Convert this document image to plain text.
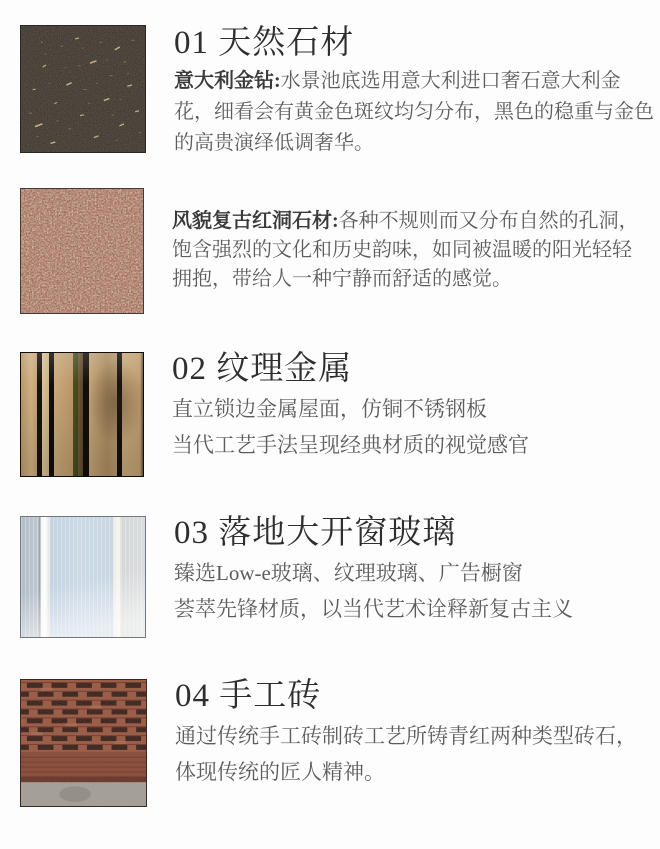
01 天然石材

意大利金钻:水景池底选用意大利进口奢石意大利金
花，细看会有黄金色斑纹均匀分布，黑色的稳重与金色
的高贵演绎低调奢华。

风貌复古红洞石材:各种不规则而又分布自然的孔洞，
饱含强烈的文化和历史韵味，如同被温暖的阳光轻轻
拥抱，带给人一种宁静而舒适的感觉。

02 纹理金属

直立锁边金属屋面，仿铜不锈钢板

当代工艺手法呈现经典材质的视觉感官

03 落地大开窗玻璃

臻选Low-e玻璃、纹理玻璃、广告橱窗

荟萃先锋材质，以当代艺术诠释新复古主义

04 手工砖

通过传统手工砖制砖工艺所铸青红两种类型砖石，

体现传统的匠人精神。
